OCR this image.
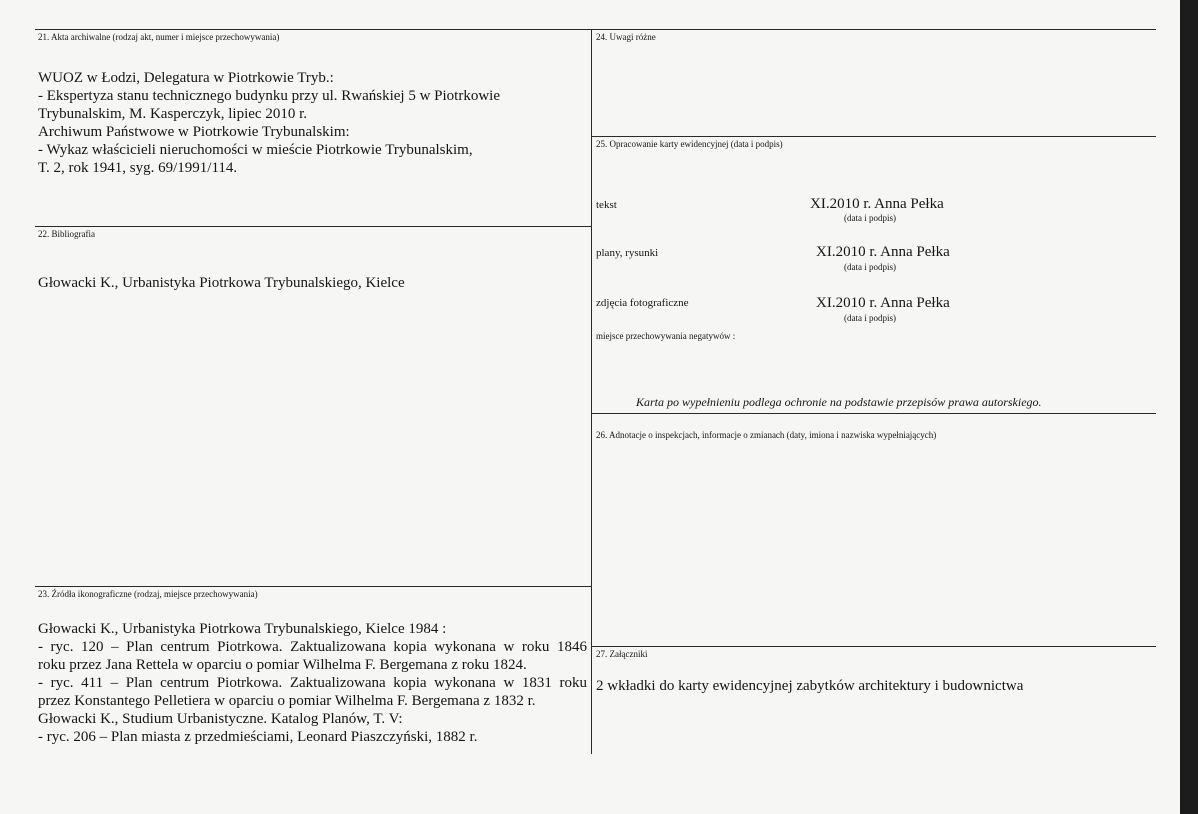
21. Akta archiwalne (rodzaj akt, numer i miejsce przechowywania)
WUOZ w Łodzi, Delegatura w Piotrkowie Tryb.:
- Ekspertyza stanu technicznego budynku przy ul. Rwańskiej 5 w Piotrkowie
Trybunalskim, M. Kasperczyk, lipiec 2010 r.
Archiwum Państwowe w Piotrkowie Trybunalskim:
- Wykaz właścicieli nieruchomości w mieście Piotrkowie Trybunalskim,
T. 2, rok 1941, syg. 69/1991/114.
22. Bibliografia
Głowacki K., Urbanistyka Piotrkowa Trybunalskiego, Kielce
23. Źródła ikonograficzne (rodzaj, miejsce przechowywania)
Głowacki K., Urbanistyka Piotrkowa Trybunalskiego, Kielce 1984 :
- ryc. 120 – Plan centrum Piotrkowa. Zaktualizowana kopia wykonana w roku 1846
roku przez Jana Rettela w oparciu o pomiar Wilhelma F. Bergemana z roku 1824.
- ryc. 411 – Plan centrum Piotrkowa. Zaktualizowana kopia wykonana w 1831 roku
przez Konstantego Pelletiera w oparciu o pomiar Wilhelma F. Bergemana z 1832 r.
Głowacki K., Studium Urbanistyczne. Katalog Planów, T. V:
- ryc. 206 – Plan miasta z przedmieściami, Leonard Piaszczyński, 1882 r.
24. Uwagi różne
25. Opracowanie karty ewidencyjnej (data i podpis)
tekst	XI.2010 r. Anna Pełka
(data i podpis)
plany, rysunki	XI.2010 r. Anna Pełka
(data i podpis)
zdjęcia fotograficzne	XI.2010 r. Anna Pełka
(data i podpis)
miejsce przechowywania negatywów :
Karta po wypełnieniu podlega ochronie na podstawie przepisów prawa autorskiego.
26. Adnotacje o inspekcjach, informacje o zmianach (daty, imiona i nazwiska wypełniających)
27. Załączniki
2 wkładki do karty ewidencyjnej zabytków architektury i budownictwa
